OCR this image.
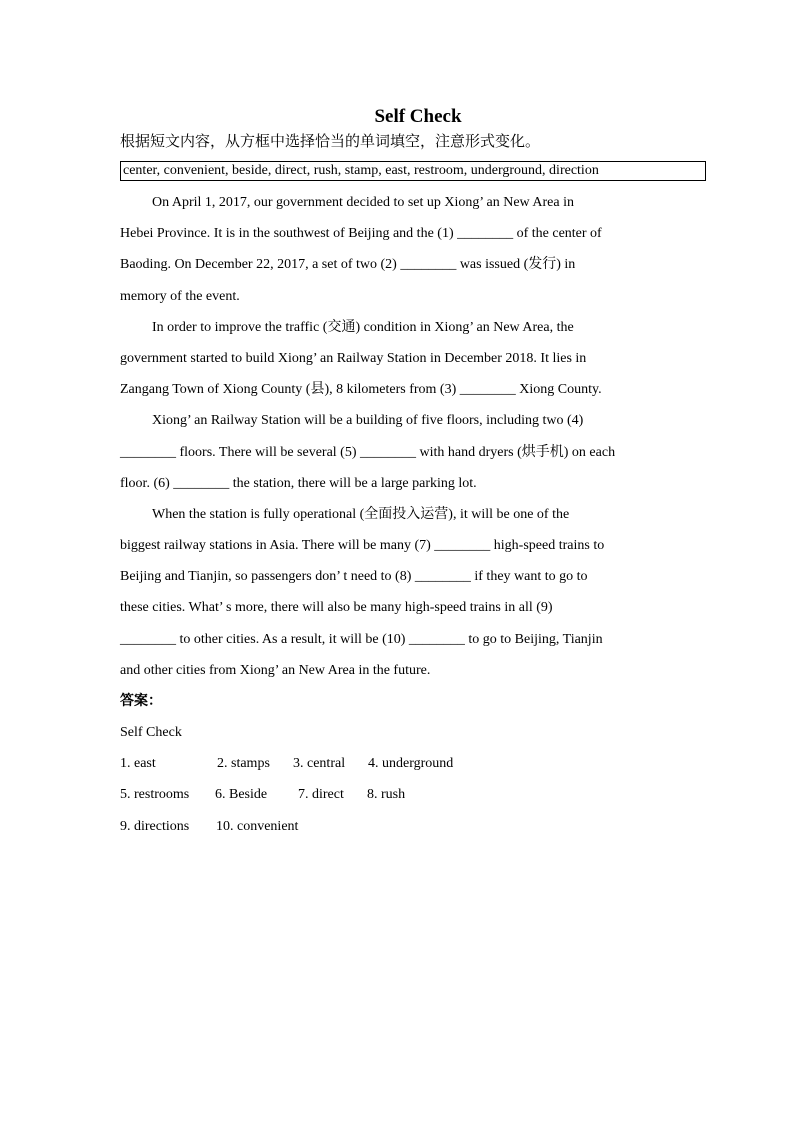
Self Check
根据短文内容，从方框中选择恰当的单词填空，注意形式变化。
center, convenient, beside, direct, rush, stamp, east, restroom, underground, direction
On April 1, 2017, our government decided to set up Xiong’ an New Area in
Hebei Province. It is in the southwest of Beijing and the (1) ________ of the center of
Baoding. On December 22, 2017, a set of two (2) ________ was issued (发行) in
memory of the event.
In order to improve the traffic (交通) condition in Xiong’ an New Area, the
government started to build Xiong’ an Railway Station in December 2018. It lies in
Zangang Town of Xiong County (县), 8 kilometers from (3) ________ Xiong County.
Xiong’ an Railway Station will be a building of five floors, including two (4)
________ floors. There will be several (5) ________ with hand dryers (烘手机) on each
floor. (6) ________ the station, there will be a large parking lot.
When the station is fully operational (全面投入运营), it will be one of the
biggest railway stations in Asia. There will be many (7) ________ high-speed trains to
Beijing and Tianjin, so passengers don’ t need to (8) ________ if they want to go to
these cities. What’ s more, there will also be many high-speed trains in all (9)
________ to other cities. As a result, it will be (10) ________ to go to Beijing, Tianjin
and other cities from Xiong’ an New Area in the future.
答案：
Self Check
1. east	2. stamps 3. central 4. underground
5. restrooms 6. Beside 7. direct 8. rush
9. directions 10. convenient
